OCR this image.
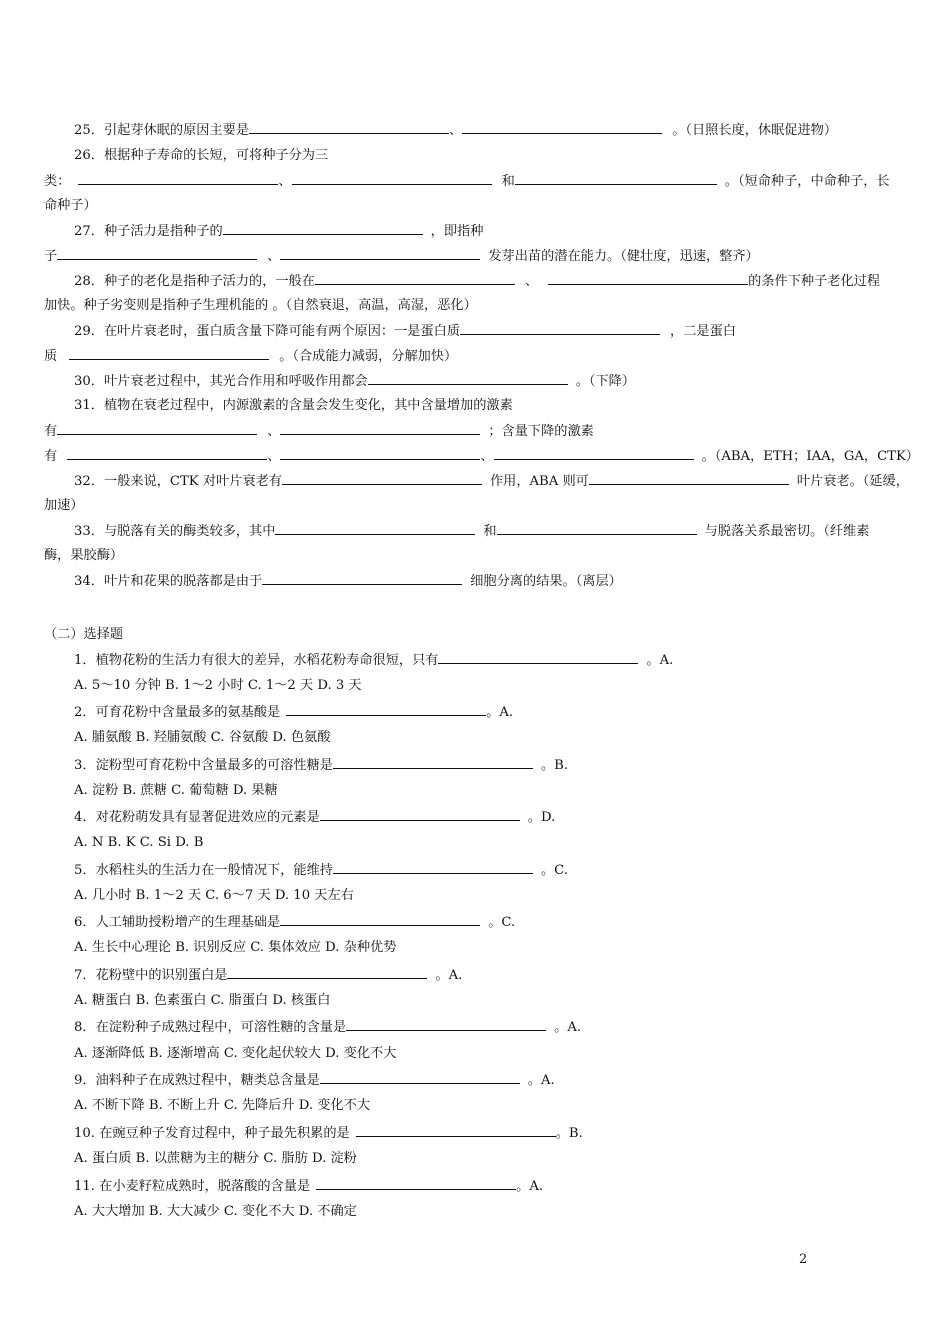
25．引起芽休眠的原因主要是	、	。（日照长度，休眠促进物）
26．根据种子寿命的长短，可将种子分为三
类：	、	和	。（短命种子，中命种子，长
命种子）
27．种子活力是指种子的	，即指种
子	、	发芽出苗的潜在能力。（健壮度，迅速，整齐）
28．种子的老化是指种子活力的，一般在	、	的条件下种子老化过程
加快。种子劣变则是指种子生理机能的 。（自然衰退，高温，高湿，恶化）
29．在叶片衰老时，蛋白质含量下降可能有两个原因：一是蛋白质	，二是蛋白
质	。（合成能力减弱，分解加快）
30．叶片衰老过程中，其光合作用和呼吸作用都会	。（下降）
31．植物在衰老过程中，内源激素的含量会发生变化，其中含量增加的激素
有	、	；含量下降的激素
有	、	、	。（ABA，ETH；IAA，GA，CTK）
32．一般来说，CTK 对叶片衰老有	作用，ABA 则可	叶片衰老。（延缓，
加速）
33．与脱落有关的酶类较多，其中	和	与脱落关系最密切。（纤维素
酶，果胶酶）
34．叶片和花果的脱落都是由于	细胞分离的结果。（离层）
（二）选择题
1．植物花粉的生活力有很大的差异，水稻花粉寿命很短，只有	。A.
A. 5～10 分钟 B. 1～2 小时 C. 1～2 天 D. 3 天
2．可育花粉中含量最多的氨基酸是	。A.
A. 脯氨酸 B. 羟脯氨酸 C. 谷氨酸 D. 色氨酸
3．淀粉型可育花粉中含量最多的可溶性糖是	。B.
A. 淀粉 B. 蔗糖 C. 葡萄糖 D. 果糖
4．对花粉萌发具有显著促进效应的元素是	。D.
A. N B. K C. Si D. B
5．水稻柱头的生活力在一般情况下，能维持	。C.
A. 几小时 B. 1～2 天 C. 6～7 天 D. 10 天左右
6．人工辅助授粉增产的生理基础是	。C.
A. 生长中心理论 B. 识别反应 C. 集体效应 D. 杂种优势
7．花粉壁中的识别蛋白是	。A.
A. 糖蛋白 B. 色素蛋白 C. 脂蛋白 D. 核蛋白
8．在淀粉种子成熟过程中，可溶性糖的含量是	。A.
A. 逐渐降低 B. 逐渐增高 C. 变化起伏较大 D. 变化不大
9．油料种子在成熟过程中，糖类总含量是	。A.
A. 不断下降 B. 不断上升 C. 先降后升 D. 变化不大
10. 在豌豆种子发育过程中，种子最先积累的是	。B.
A. 蛋白质 B. 以蔗糖为主的糖分 C. 脂肪 D. 淀粉
11. 在小麦籽粒成熟时，脱落酸的含量是	。A.
A. 大大增加 B. 大大减少 C. 变化不大 D. 不确定
2
